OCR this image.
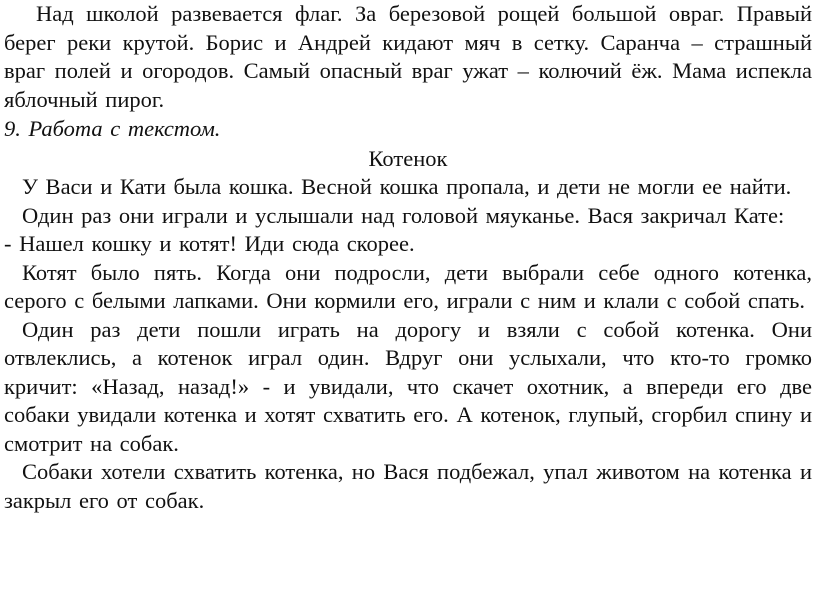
Над школой развевается флаг. За березовой рощей большой овраг. Правый берег реки крутой. Борис и Андрей кидают мяч в сетку. Саранча – страшный враг полей и огородов. Самый опасный враг ужат – колючий ёж. Мама испекла яблочный пирог.

9. Работа с текстом.

Котенок

У Васи и Кати была кошка. Весной кошка пропала, и дети не могли ее найти.

Один раз они играли и услышали над головой мяуканье. Вася закричал Кате:

- Нашел кошку и котят! Иди сюда скорее.

Котят было пять. Когда они подросли, дети выбрали себе одного котенка, серого с белыми лапками. Они кормили его, играли с ним и клали с собой спать.

Один раз дети пошли играть на дорогу и взяли с собой котенка. Они отвлеклись, а котенок играл один. Вдруг они услыхали, что кто-то громко кричит: «Назад, назад!» - и увидали, что скачет охотник, а впереди его две собаки увидали котенка и хотят схватить его. А котенок, глупый, сгорбил спину и смотрит на собак.

Собаки хотели схватить котенка, но Вася подбежал, упал животом на котенка и закрыл его от собак.
